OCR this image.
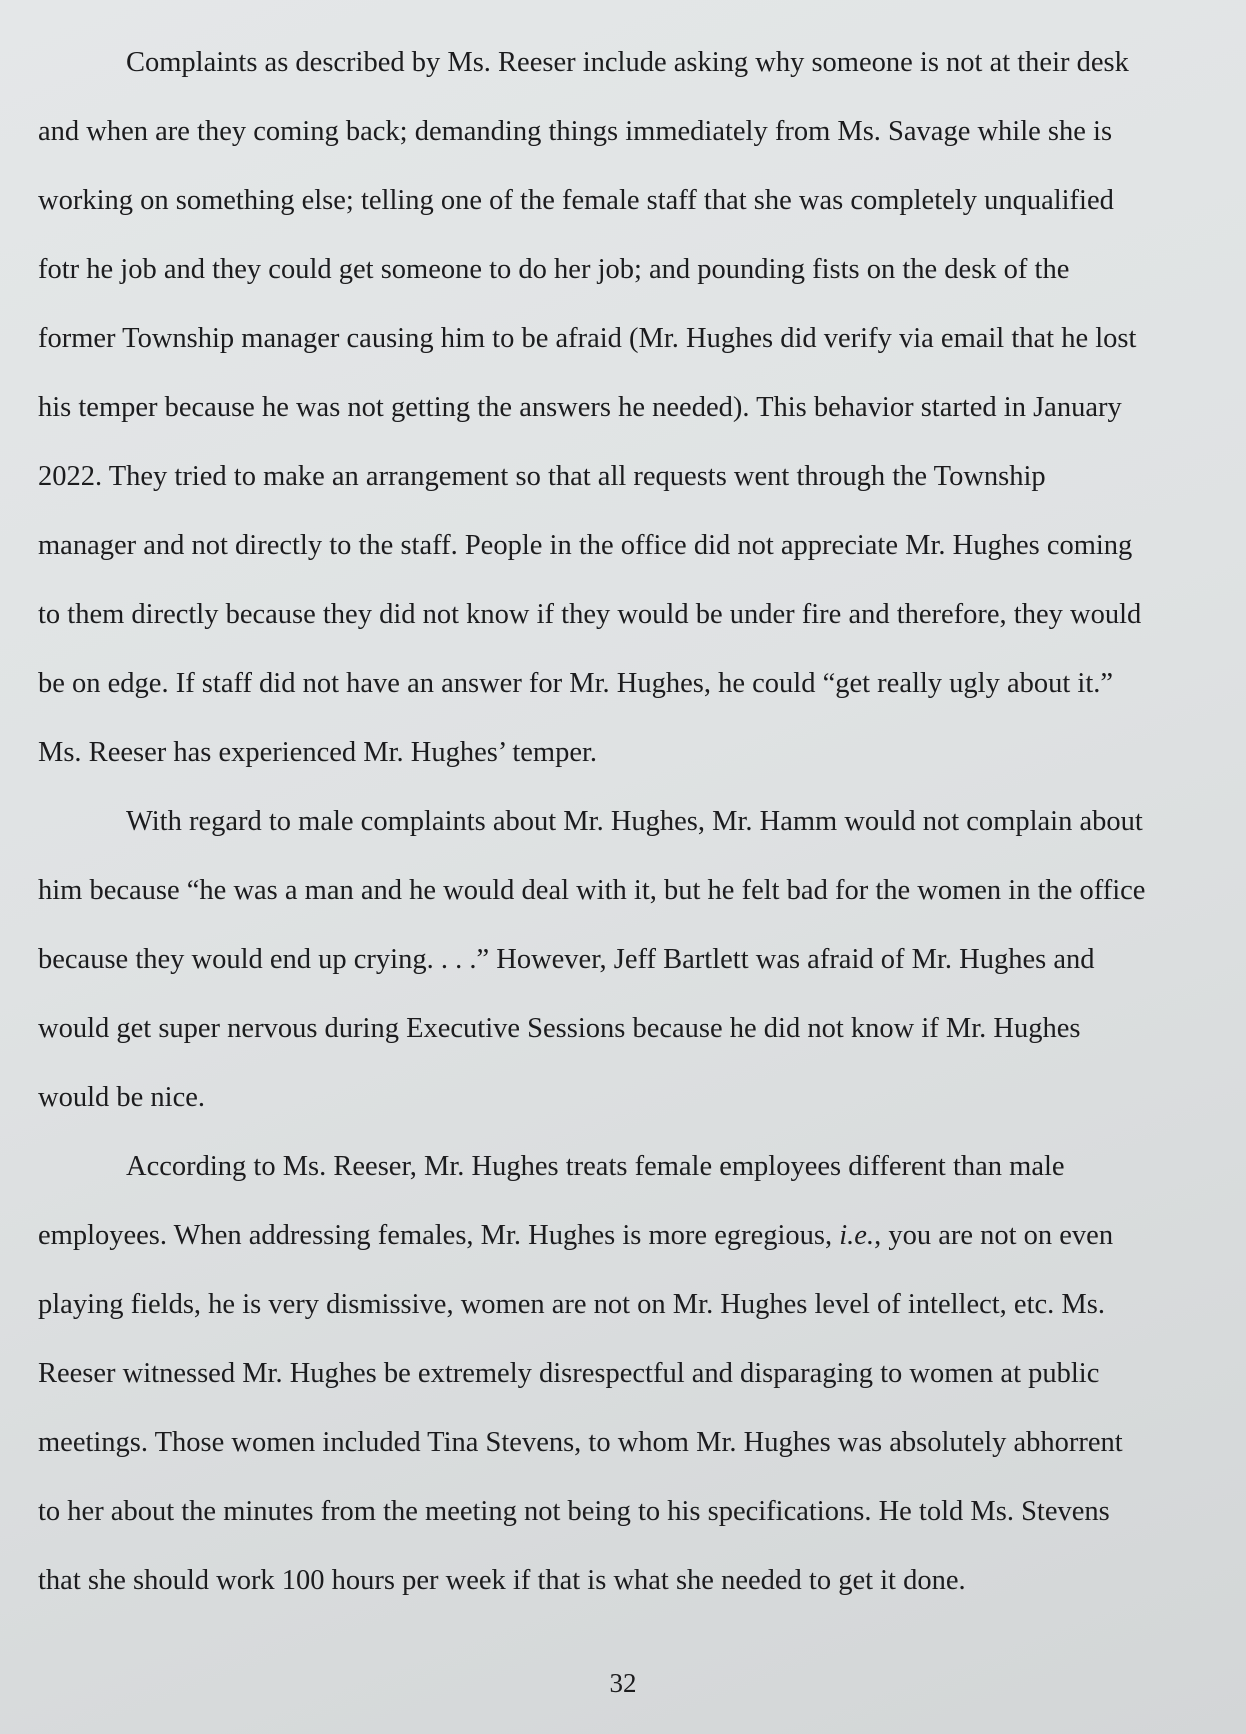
Complaints as described by Ms. Reeser include asking why someone is not at their desk
and when are they coming back; demanding things immediately from Ms. Savage while she is
working on something else; telling one of the female staff that she was completely unqualified
fotr he job and they could get someone to do her job; and pounding fists on the desk of the
former Township manager causing him to be afraid (Mr. Hughes did verify via email that he lost
his temper because he was not getting the answers he needed). This behavior started in January
2022. They tried to make an arrangement so that all requests went through the Township
manager and not directly to the staff. People in the office did not appreciate Mr. Hughes coming
to them directly because they did not know if they would be under fire and therefore, they would
be on edge. If staff did not have an answer for Mr. Hughes, he could “get really ugly about it.”
Ms. Reeser has experienced Mr. Hughes’ temper.
With regard to male complaints about Mr. Hughes, Mr. Hamm would not complain about
him because “he was a man and he would deal with it, but he felt bad for the women in the office
because they would end up crying. . . .” However, Jeff Bartlett was afraid of Mr. Hughes and
would get super nervous during Executive Sessions because he did not know if Mr. Hughes
would be nice.
According to Ms. Reeser, Mr. Hughes treats female employees different than male
employees. When addressing females, Mr. Hughes is more egregious, i.e., you are not on even
playing fields, he is very dismissive, women are not on Mr. Hughes level of intellect, etc. Ms.
Reeser witnessed Mr. Hughes be extremely disrespectful and disparaging to women at public
meetings. Those women included Tina Stevens, to whom Mr. Hughes was absolutely abhorrent
to her about the minutes from the meeting not being to his specifications. He told Ms. Stevens
that she should work 100 hours per week if that is what she needed to get it done.
32
